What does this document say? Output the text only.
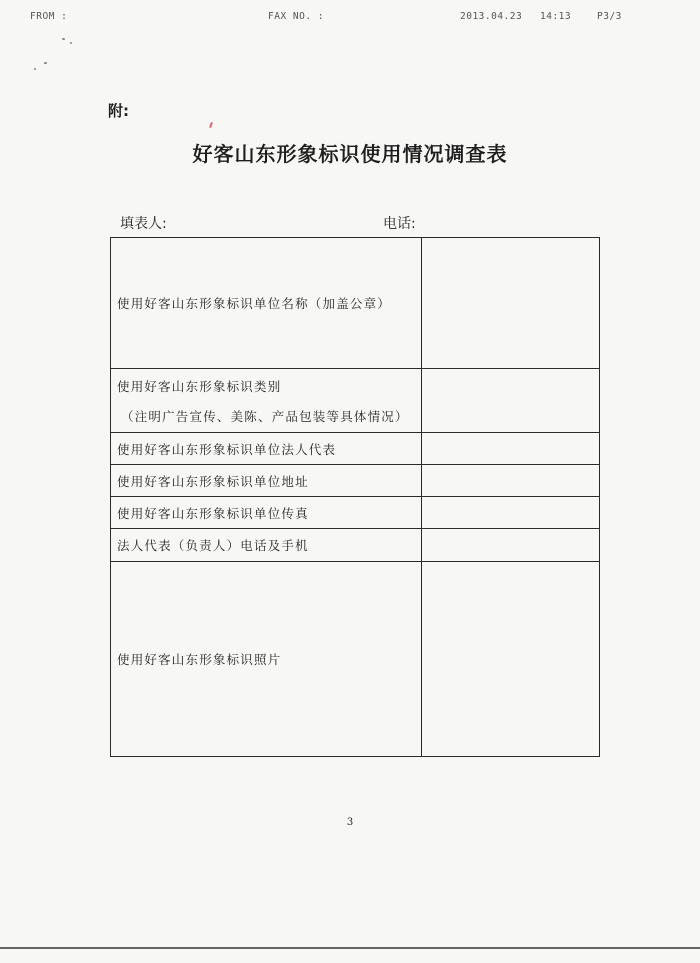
FROM :	FAX NO. :	2013.04.23 14:13	P3/3
附:
好客山东形象标识使用情况调查表
填表人:	电话:
使用好客山东形象标识单位名称（加盖公章）	

使用好客山东形象标识类别
（注明广告宣传、美陈、产品包装等具体情况）	

使用好客山东形象标识单位法人代表	
使用好客山东形象标识单位地址	
使用好客山东形象标识单位传真	
法人代表（负责人）电话及手机	
使用好客山东形象标识照片	
3
